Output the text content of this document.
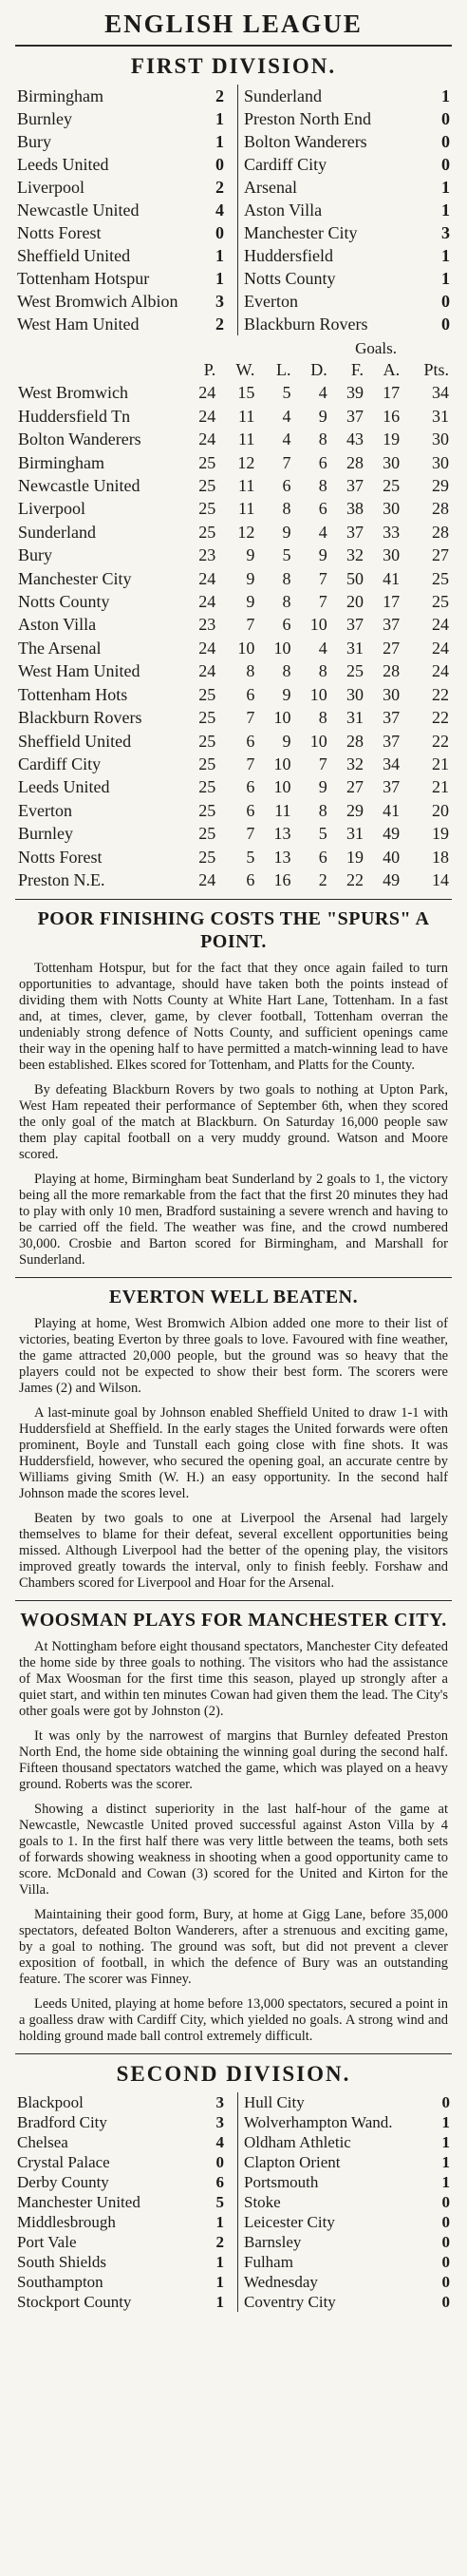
ENGLISH LEAGUE
FIRST DIVISION.
Birmingham	2		Sunderland	1
Burnley	1		Preston North End	0
Bury	1		Bolton Wanderers	0
Leeds United	0		Cardiff City	0
Liverpool	2		Arsenal	1
Newcastle United	4		Aston Villa	1
Notts Forest	0		Manchester City	3
Sheffield United	1		Huddersfield	1
Tottenham Hotspur	1		Notts County	1
West Bromwich Albion	3		Everton	0
West Ham United	2		Blackburn Rovers	0
Goals.
	P.	W.	L.	D.	F.	A.	Pts.
West Bromwich	24	15	5	4	39	17	34
Huddersfield Tn	24	11	4	9	37	16	31
Bolton Wanderers	24	11	4	8	43	19	30
Birmingham	25	12	7	6	28	30	30
Newcastle United	25	11	6	8	37	25	29
Liverpool	25	11	8	6	38	30	28
Sunderland	25	12	9	4	37	33	28
Bury	23	9	5	9	32	30	27
Manchester City	24	9	8	7	50	41	25
Notts County	24	9	8	7	20	17	25
Aston Villa	23	7	6	10	37	37	24
The Arsenal	24	10	10	4	31	27	24
West Ham United	24	8	8	8	25	28	24
Tottenham Hots	25	6	9	10	30	30	22
Blackburn Rovers	25	7	10	8	31	37	22
Sheffield United	25	6	9	10	28	37	22
Cardiff City	25	7	10	7	32	34	21
Leeds United	25	6	10	9	27	37	21
Everton	25	6	11	8	29	41	20
Burnley	25	7	13	5	31	49	19
Notts Forest	25	5	13	6	19	40	18
Preston N.E.	24	6	16	2	22	49	14
POOR FINISHING COSTS THE "SPURS" A POINT.

Tottenham Hotspur, but for the fact that they once again failed to turn opportunities to advantage, should have taken both the points instead of dividing them with Notts County at White Hart Lane, Tottenham. In a fast and, at times, clever, game, by clever football, Tottenham overran the undeniably strong defence of Notts County, and sufficient openings came their way in the opening half to have permitted a match-winning lead to have been established. Elkes scored for Tottenham, and Platts for the County.

By defeating Blackburn Rovers by two goals to nothing at Upton Park, West Ham repeated their performance of September 6th, when they scored the only goal of the match at Blackburn. On Saturday 16,000 people saw them play capital football on a very muddy ground. Watson and Moore scored.

Playing at home, Birmingham beat Sunderland by 2 goals to 1, the victory being all the more remarkable from the fact that the first 20 minutes they had to play with only 10 men, Bradford sustaining a severe wrench and having to be carried off the field. The weather was fine, and the crowd numbered 30,000. Crosbie and Barton scored for Birmingham, and Marshall for Sunderland.

EVERTON WELL BEATEN.

Playing at home, West Bromwich Albion added one more to their list of victories, beating Everton by three goals to love. Favoured with fine weather, the game attracted 20,000 people, but the ground was so heavy that the players could not be expected to show their best form. The scorers were James (2) and Wilson.

A last-minute goal by Johnson enabled Sheffield United to draw 1-1 with Huddersfield at Sheffield. In the early stages the United forwards were often prominent, Boyle and Tunstall each going close with fine shots. It was Huddersfield, however, who secured the opening goal, an accurate centre by Williams giving Smith (W. H.) an easy opportunity. In the second half Johnson made the scores level.

Beaten by two goals to one at Liverpool the Arsenal had largely themselves to blame for their defeat, several excellent opportunities being missed. Although Liverpool had the better of the opening play, the visitors improved greatly towards the interval, only to finish feebly. Forshaw and Chambers scored for Liverpool and Hoar for the Arsenal.

WOOSMAN PLAYS FOR MANCHESTER CITY.

At Nottingham before eight thousand spectators, Manchester City defeated the home side by three goals to nothing. The visitors who had the assistance of Max Woosman for the first time this season, played up strongly after a quiet start, and within ten minutes Cowan had given them the lead. The City's other goals were got by Johnston (2).

It was only by the narrowest of margins that Burnley defeated Preston North End, the home side obtaining the winning goal during the second half. Fifteen thousand spectators watched the game, which was played on a heavy ground. Roberts was the scorer.

Showing a distinct superiority in the last half-hour of the game at Newcastle, Newcastle United proved successful against Aston Villa by 4 goals to 1. In the first half there was very little between the teams, both sets of forwards showing weakness in shooting when a good opportunity came to score. McDonald and Cowan (3) scored for the United and Kirton for the Villa.

Maintaining their good form, Bury, at home at Gigg Lane, before 35,000 spectators, defeated Bolton Wanderers, after a strenuous and exciting game, by a goal to nothing. The ground was soft, but did not prevent a clever exposition of football, in which the defence of Bury was an outstanding feature. The scorer was Finney.

Leeds United, playing at home before 13,000 spectators, secured a point in a goalless draw with Cardiff City, which yielded no goals. A strong wind and holding ground made ball control extremely difficult.

SECOND DIVISION.
Blackpool	3		Hull City	0
Bradford City	3		Wolverhampton Wand.	1
Chelsea	4		Oldham Athletic	1
Crystal Palace	0		Clapton Orient	1
Derby County	6		Portsmouth	1
Manchester United	5		Stoke	0
Middlesbrough	1		Leicester City	0
Port Vale	2		Barnsley	0
South Shields	1		Fulham	0
Southampton	1		Wednesday	0
Stockport County	1		Coventry City	0
